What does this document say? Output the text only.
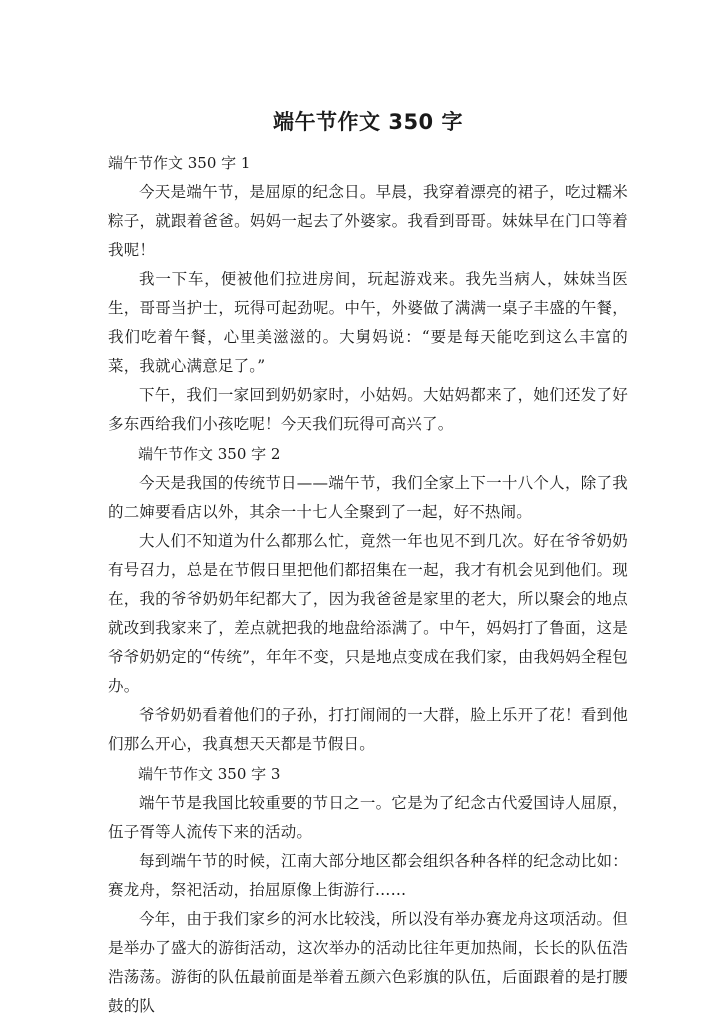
端午节作文 350 字

端午节作文 350 字 1

今天是端午节，是屈原的纪念日。早晨，我穿着漂亮的裙子，吃过糯米粽子，就跟着爸爸。妈妈一起去了外婆家。我看到哥哥。妹妹早在门口等着我呢！

我一下车，便被他们拉进房间，玩起游戏来。我先当病人，妹妹当医生，哥哥当护士，玩得可起劲呢。中午，外婆做了满满一桌子丰盛的午餐，我们吃着午餐，心里美滋滋的。大舅妈说：“要是每天能吃到这么丰富的菜，我就心满意足了。”

下午，我们一家回到奶奶家时，小姑妈。大姑妈都来了，她们还发了好多东西给我们小孩吃呢！今天我们玩得可高兴了。

端午节作文 350 字 2

今天是我国的传统节日——端午节，我们全家上下一十八个人，除了我的二婶要看店以外，其余一十七人全聚到了一起，好不热闹。

大人们不知道为什么都那么忙，竟然一年也见不到几次。好在爷爷奶奶有号召力，总是在节假日里把他们都招集在一起，我才有机会见到他们。现在，我的爷爷奶奶年纪都大了，因为我爸爸是家里的老大，所以聚会的地点就改到我家来了，差点就把我的地盘给添满了。中午，妈妈打了鲁面，这是爷爷奶奶定的“传统”，年年不变，只是地点变成在我们家，由我妈妈全程包办。

爷爷奶奶看着他们的子孙，打打闹闹的一大群，脸上乐开了花！看到他们那么开心，我真想天天都是节假日。

端午节作文 350 字 3

端午节是我国比较重要的节日之一。它是为了纪念古代爱国诗人屈原，伍子胥等人流传下来的活动。

每到端午节的时候，江南大部分地区都会组织各种各样的纪念动比如：赛龙舟，祭祀活动，抬屈原像上街游行……

今年，由于我们家乡的河水比较浅，所以没有举办赛龙舟这项活动。但是举办了盛大的游街活动，这次举办的活动比往年更加热闹，长长的队伍浩浩荡荡。游街的队伍最前面是举着五颜六色彩旗的队伍，后面跟着的是打腰鼓的队
